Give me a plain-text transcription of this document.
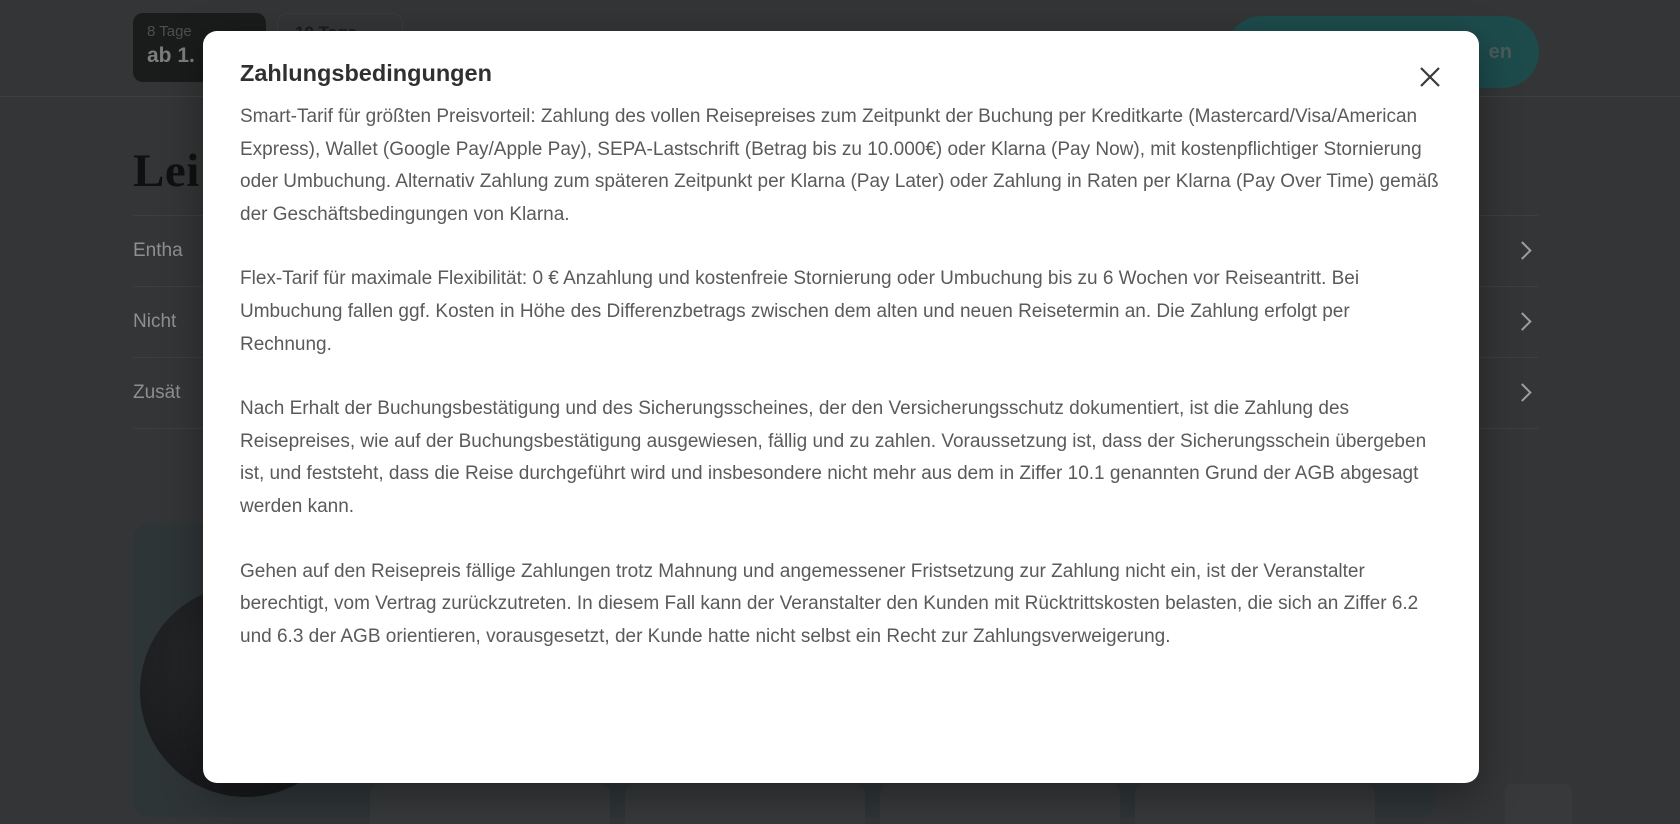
8 Tage
ab 1.	en
Lei
Entha
Nicht
Zusät
Zahlungsbedingungen

Smart-Tarif für größten Preisvorteil: Zahlung des vollen Reisepreises zum Zeitpunkt der Buchung per Kreditkarte (Mastercard/Visa/American Express), Wallet (Google Pay/Apple Pay), SEPA-Lastschrift (Betrag bis zu 10.000€) oder Klarna (Pay Now), mit kostenpflichtiger Stornierung oder Umbuchung. Alternativ Zahlung zum späteren Zeitpunkt per Klarna (Pay Later) oder Zahlung in Raten per Klarna (Pay Over Time) gemäß der Geschäftsbedingungen von Klarna.

Flex-Tarif für maximale Flexibilität: 0 € Anzahlung und kostenfreie Stornierung oder Umbuchung bis zu 6 Wochen vor Reiseantritt. Bei Umbuchung fallen ggf. Kosten in Höhe des Differenzbetrags zwischen dem alten und neuen Reisetermin an. Die Zahlung erfolgt per Rechnung.

Nach Erhalt der Buchungsbestätigung und des Sicherungsscheines, der den Versicherungsschutz dokumentiert, ist die Zahlung des Reisepreises, wie auf der Buchungsbestätigung ausgewiesen, fällig und zu zahlen. Voraussetzung ist, dass der Sicherungsschein übergeben ist, und feststeht, dass die Reise durchgeführt wird und insbesondere nicht mehr aus dem in Ziffer 10.1 genannten Grund der AGB abgesagt werden kann.

Gehen auf den Reisepreis fällige Zahlungen trotz Mahnung und angemessener Fristsetzung zur Zahlung nicht ein, ist der Veranstalter berechtigt, vom Vertrag zurückzutreten. In diesem Fall kann der Veranstalter den Kunden mit Rücktrittskosten belasten, die sich an Ziffer 6.2 und 6.3 der AGB orientieren, vorausgesetzt, der Kunde hatte nicht selbst ein Recht zur Zahlungsverweigerung.
